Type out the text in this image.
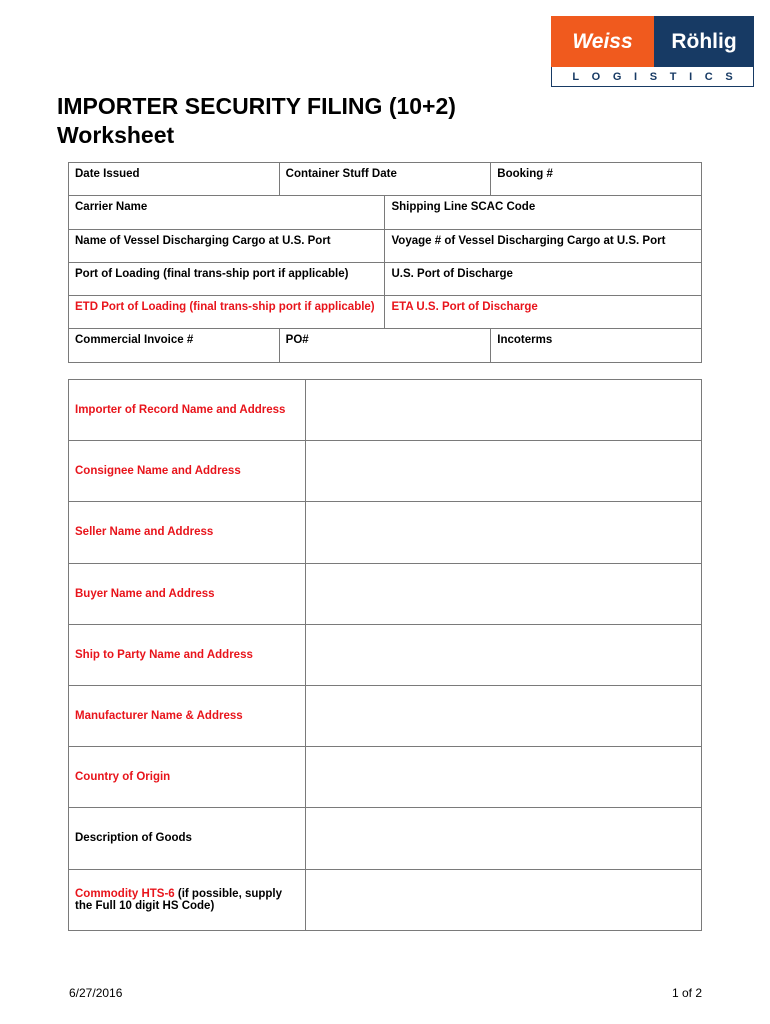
Weiss	Röhlig
L O G I S T I C S
IMPORTER SECURITY FILING (10+2)
Worksheet
Date Issued	Container Stuff Date		Booking #
Carrier Name		Shipping Line SCAC Code	
Name of Vessel Discharging Cargo at U.S. Port		Voyage # of Vessel Discharging Cargo at U.S. Port	
Port of Loading (final trans-ship port if applicable)		U.S. Port of Discharge	
ETD Port of Loading (final trans-ship port if applicable)		ETA U.S. Port of Discharge	
Commercial Invoice #	PO#		Incoterms
Importer of Record Name and Address	
Consignee Name and Address	
Seller Name and Address	
Buyer Name and Address	
Ship to Party Name and Address	
Manufacturer Name & Address	
Country of Origin	
Description of Goods	
Commodity HTS-6 (if possible, supply the Full 10 digit HS Code)	
6/27/2016	1 of 2
